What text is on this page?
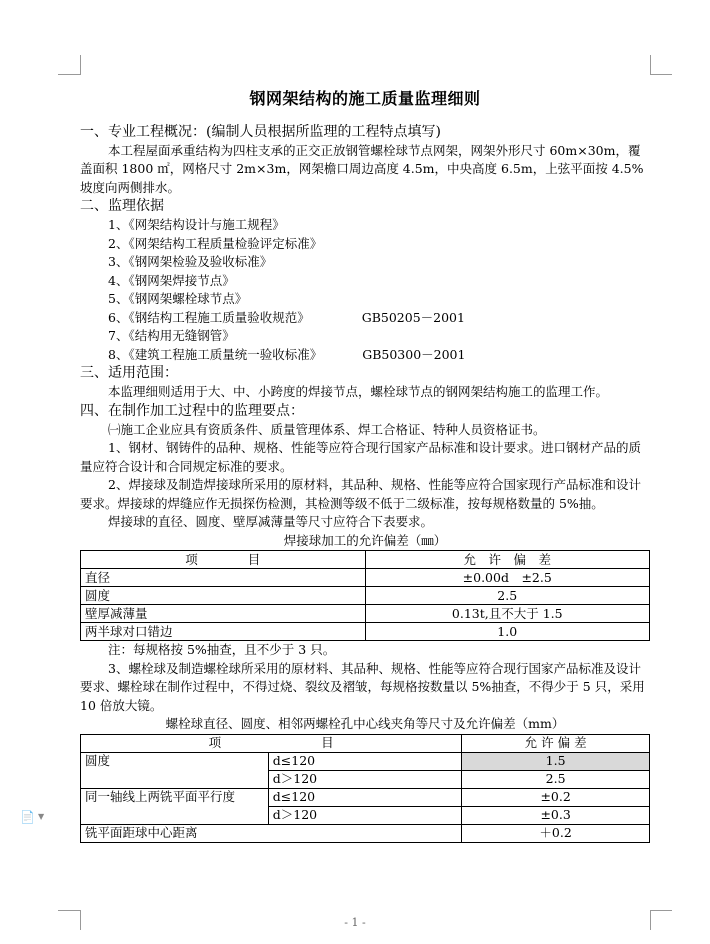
📄 ▼

钢网架结构的施工质量监理细则

一、专业工程概况：(编制人员根据所监理的工程特点填写)

本工程屋面承重结构为四柱支承的正交正放钢管螺栓球节点网架，网架外形尺寸 60m×30m，覆盖面积 1800 ㎡，网格尺寸 2m×3m，网架檐口周边高度 4.5m，中央高度 6.5m，上弦平面按 4.5%坡度向两侧排水。

二、监理依据

1、《网架结构设计与施工规程》

2、《网架结构工程质量检验评定标准》

3、《钢网架检验及验收标准》

4、《钢网架焊接节点》

5、《钢网架螺栓球节点》

6、《钢结构工程施工质量验收规范》	GB50205－2001

7、《结构用无缝钢管》

8、《建筑工程施工质量统一验收标准》	GB50300－2001

三、适用范围：

本监理细则适用于大、中、小跨度的焊接节点，螺栓球节点的钢网架结构施工的监理工作。

四、在制作加工过程中的监理要点：

㈠施工企业应具有资质条件、质量管理体系、焊工合格证、特种人员资格证书。

1、钢材、钢铸件的品种、规格、性能等应符合现行国家产品标准和设计要求。进口钢材产品的质量应符合设计和合同规定标准的要求。

2、焊接球及制造焊接球所采用的原材料，其品种、规格、性能等应符合国家现行产品标准和设计要求。焊接球的焊缝应作无损探伤检测，其检测等级不低于二级标准，按每规格数量的 5%抽。

焊接球的直径、圆度、壁厚减薄量等尺寸应符合下表要求。

焊接球加工的允许偏差（㎜）

项　　　　目	允　许　偏　差
直径	±0.00d　±2.5
圆度	2.5
壁厚减薄量	0.13t,且不大于 1.5
两半球对口错边	1.0

注：每规格按 5%抽查，且不少于 3 只。

3、螺栓球及制造螺栓球所采用的原材料、其品种、规格、性能等应符合现行国家产品标准及设计要求、螺栓球在制作过程中，不得过烧、裂纹及褶皱，每规格按数量以 5%抽查，不得少于 5 只，采用 10 倍放大镜。

螺栓球直径、圆度、相邻两螺栓孔中心线夹角等尺寸及允许偏差（mm）

项　　　　　　　　目		允 许 偏 差
圆度	d≤120	1.5
	d＞120	2.5
同一轴线上两铣平面平行度	d≤120	±0.2
	d＞120	±0.3
铣平面距球中心距离		＋0.2
- 1 -
